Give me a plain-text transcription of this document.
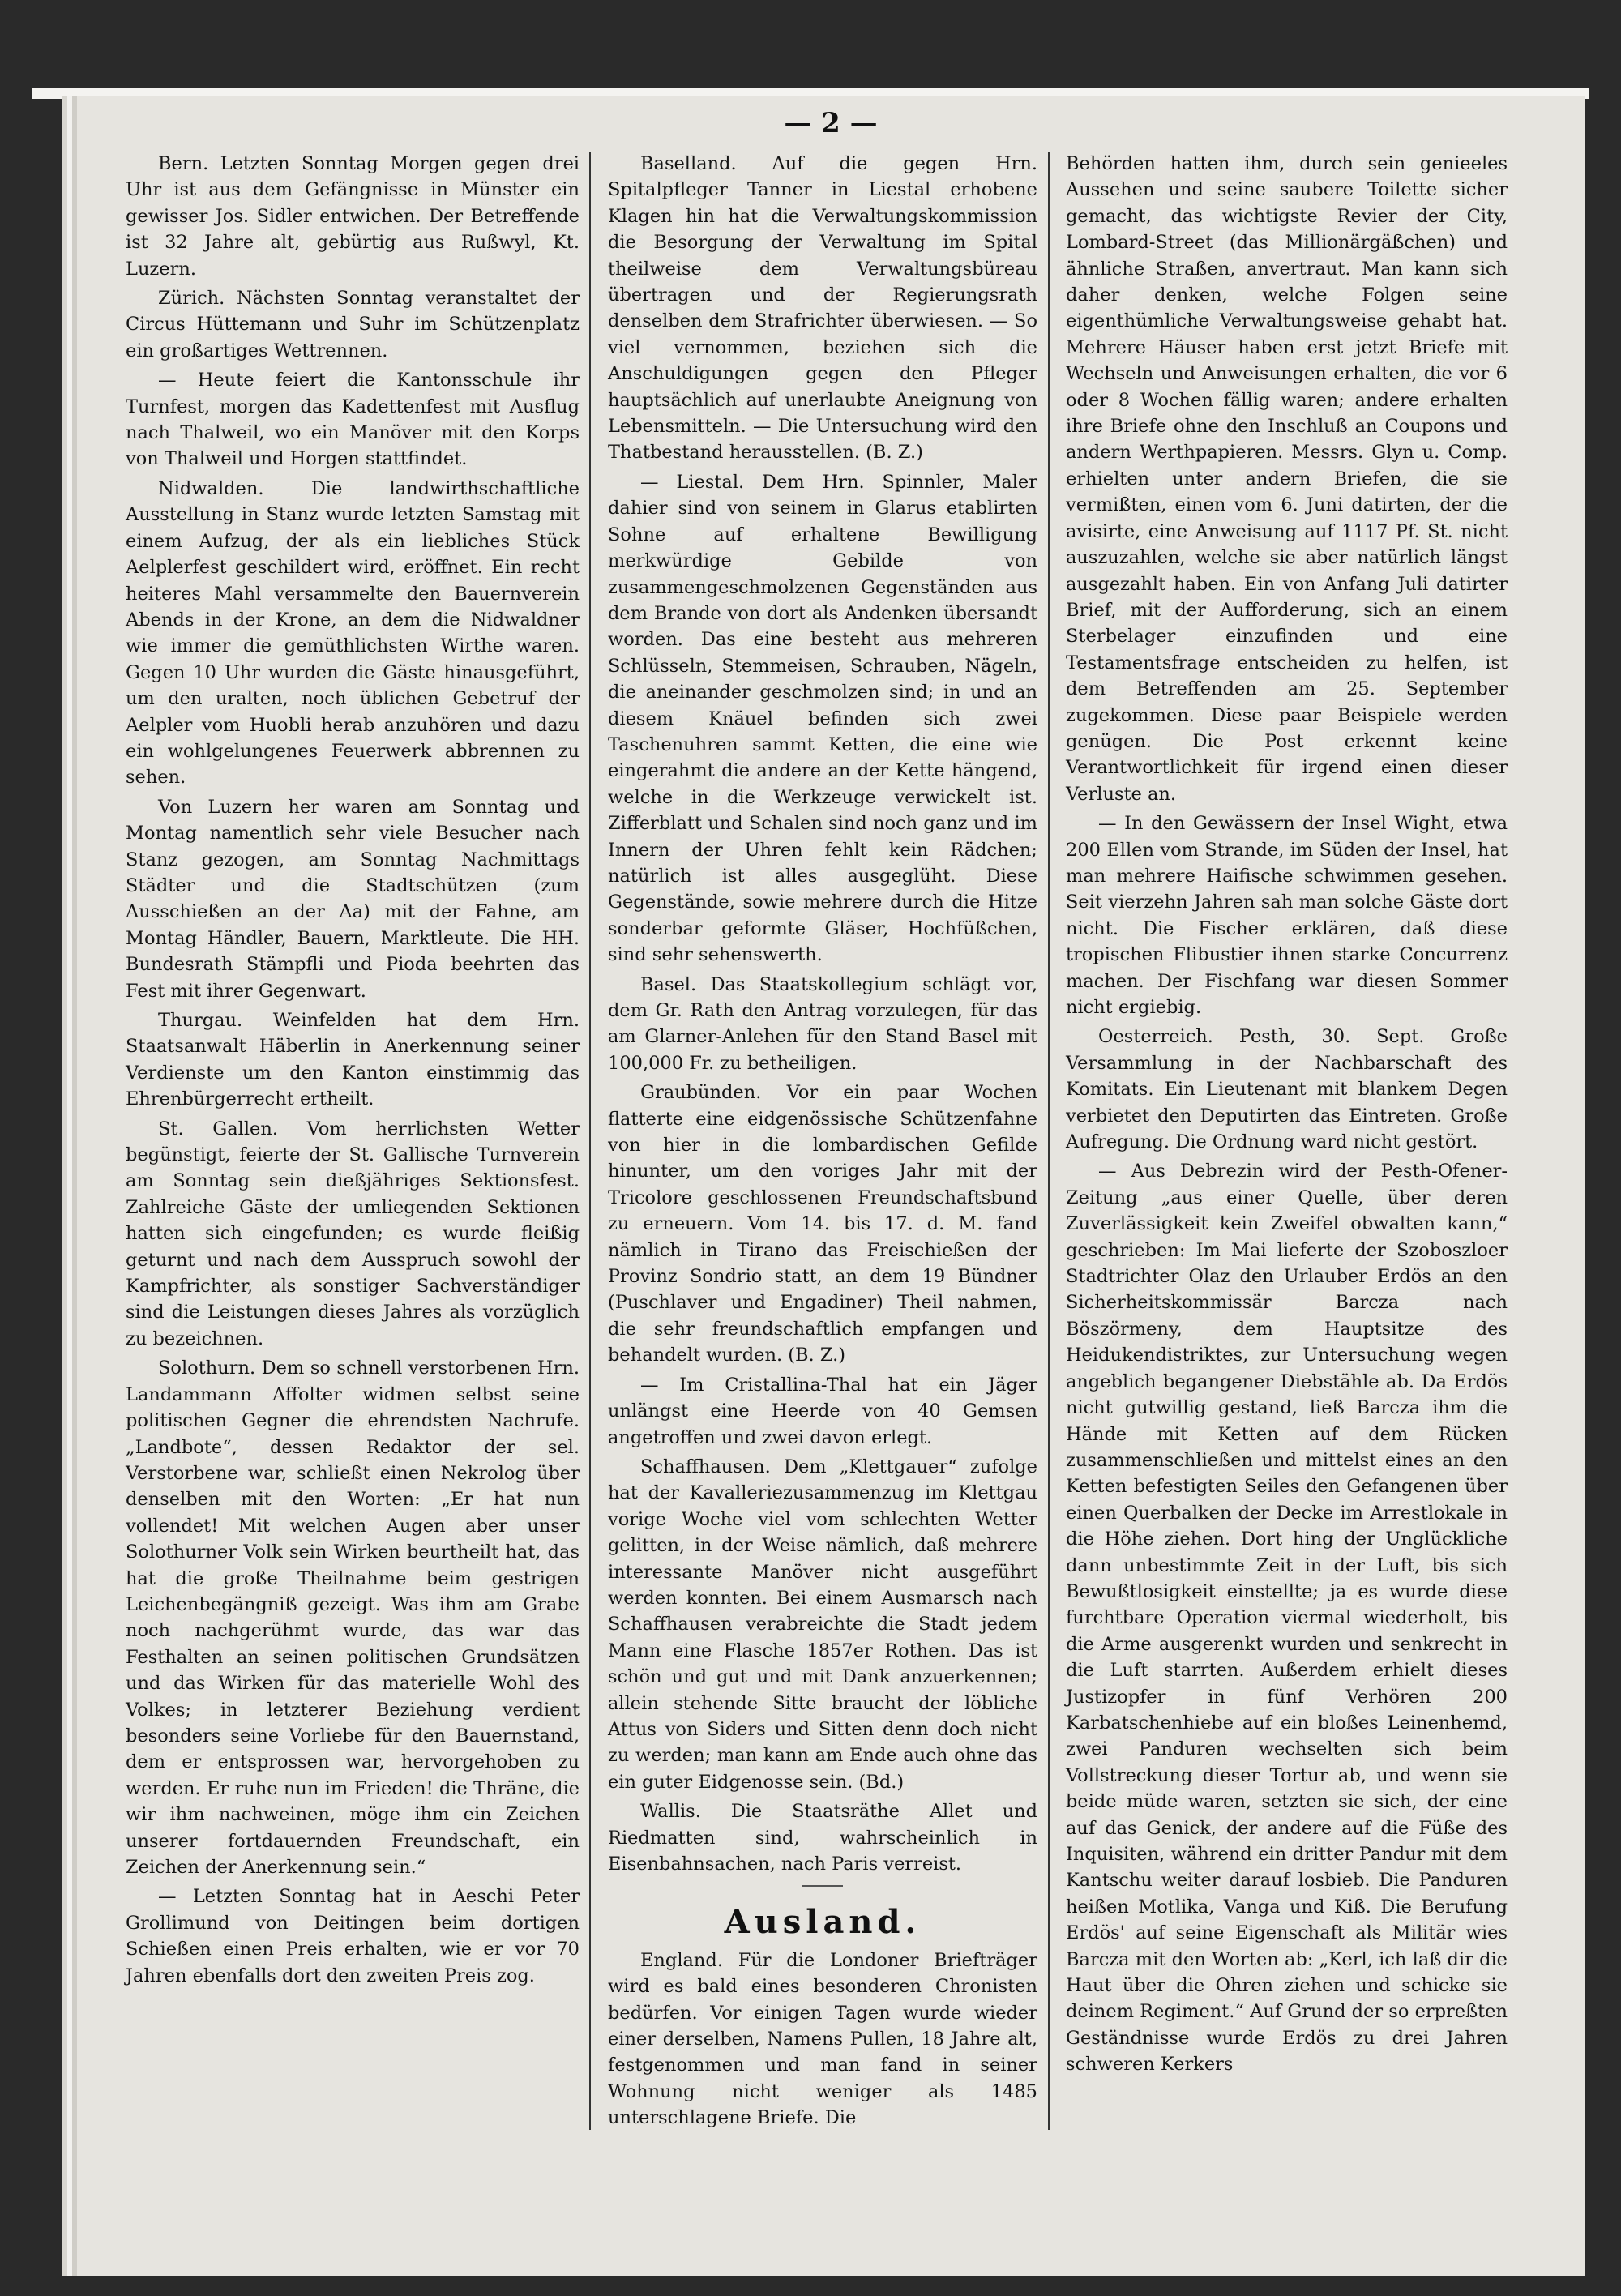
— 2 —

Bern. Letzten Sonntag Morgen gegen drei Uhr ist aus dem Gefängnisse in Münster ein gewisser Jos. Sidler entwichen. Der Betreffende ist 32 Jahre alt, gebürtig aus Rußwyl, Kt. Luzern.

Zürich. Nächsten Sonntag veranstaltet der Circus Hüttemann und Suhr im Schützenplatz ein großartiges Wettrennen.

— Heute feiert die Kantonsschule ihr Turnfest, morgen das Kadettenfest mit Ausflug nach Thalweil, wo ein Manöver mit den Korps von Thalweil und Horgen stattfindet.

Nidwalden. Die landwirthschaftliche Ausstellung in Stanz wurde letzten Samstag mit einem Aufzug, der als ein liebliches Stück Aelplerfest geschildert wird, eröffnet. Ein recht heiteres Mahl versammelte den Bauernverein Abends in der Krone, an dem die Nidwaldner wie immer die gemüthlichsten Wirthe waren. Gegen 10 Uhr wurden die Gäste hinausgeführt, um den uralten, noch üblichen Gebetruf der Aelpler vom Huobli herab anzuhören und dazu ein wohlgelungenes Feuerwerk abbrennen zu sehen.

Von Luzern her waren am Sonntag und Montag namentlich sehr viele Besucher nach Stanz gezogen, am Sonntag Nachmittags Städter und die Stadtschützen (zum Ausschießen an der Aa) mit der Fahne, am Montag Händler, Bauern, Marktleute. Die HH. Bundesrath Stämpfli und Pioda beehrten das Fest mit ihrer Gegenwart.

Thurgau. Weinfelden hat dem Hrn. Staatsanwalt Häberlin in Anerkennung seiner Verdienste um den Kanton einstimmig das Ehrenbürgerrecht ertheilt.

St. Gallen. Vom herrlichsten Wetter begünstigt, feierte der St. Gallische Turnverein am Sonntag sein dießjähriges Sektionsfest. Zahlreiche Gäste der umliegenden Sektionen hatten sich eingefunden; es wurde fleißig geturnt und nach dem Ausspruch sowohl der Kampfrichter, als sonstiger Sachverständiger sind die Leistungen dieses Jahres als vorzüglich zu bezeichnen.

Solothurn. Dem so schnell verstorbenen Hrn. Landammann Affolter widmen selbst seine politischen Gegner die ehrendsten Nachrufe. „Landbote“, dessen Redaktor der sel. Verstorbene war, schließt einen Nekrolog über denselben mit den Worten: „Er hat nun vollendet! Mit welchen Augen aber unser Solothurner Volk sein Wirken beurtheilt hat, das hat die große Theilnahme beim gestrigen Leichenbegängniß gezeigt. Was ihm am Grabe noch nachgerühmt wurde, das war das Festhalten an seinen politischen Grundsätzen und das Wirken für das materielle Wohl des Volkes; in letzterer Beziehung verdient besonders seine Vorliebe für den Bauernstand, dem er entsprossen war, hervorgehoben zu werden. Er ruhe nun im Frieden! die Thräne, die wir ihm nachweinen, möge ihm ein Zeichen unserer fortdauernden Freundschaft, ein Zeichen der Anerkennung sein.“

— Letzten Sonntag hat in Aeschi Peter Grollimund von Deitingen beim dortigen Schießen einen Preis erhalten, wie er vor 70 Jahren ebenfalls dort den zweiten Preis zog.

Baselland. Auf die gegen Hrn. Spitalpfleger Tanner in Liestal erhobene Klagen hin hat die Verwaltungskommission die Besorgung der Verwaltung im Spital theilweise dem Verwaltungsbüreau übertragen und der Regierungsrath denselben dem Strafrichter überwiesen. — So viel vernommen, beziehen sich die Anschuldigungen gegen den Pfleger hauptsächlich auf unerlaubte Aneignung von Lebensmitteln. — Die Untersuchung wird den Thatbestand herausstellen. (B. Z.)

— Liestal. Dem Hrn. Spinnler, Maler dahier sind von seinem in Glarus etablirten Sohne auf erhaltene Bewilligung merkwürdige Gebilde von zusammengeschmolzenen Gegenständen aus dem Brande von dort als Andenken übersandt worden. Das eine besteht aus mehreren Schlüsseln, Stemmeisen, Schrauben, Nägeln, die aneinander geschmolzen sind; in und an diesem Knäuel befinden sich zwei Taschenuhren sammt Ketten, die eine wie eingerahmt die andere an der Kette hängend, welche in die Werkzeuge verwickelt ist. Zifferblatt und Schalen sind noch ganz und im Innern der Uhren fehlt kein Rädchen; natürlich ist alles ausgeglüht. Diese Gegenstände, sowie mehrere durch die Hitze sonderbar geformte Gläser, Hochfüßchen, sind sehr sehenswerth.

Basel. Das Staatskollegium schlägt vor, dem Gr. Rath den Antrag vorzulegen, für das am Glarner-Anlehen für den Stand Basel mit 100,000 Fr. zu betheiligen.

Graubünden. Vor ein paar Wochen flatterte eine eidgenössische Schützenfahne von hier in die lombardischen Gefilde hinunter, um den voriges Jahr mit der Tricolore geschlossenen Freundschaftsbund zu erneuern. Vom 14. bis 17. d. M. fand nämlich in Tirano das Freischießen der Provinz Sondrio statt, an dem 19 Bündner (Puschlaver und Engadiner) Theil nahmen, die sehr freundschaftlich empfangen und behandelt wurden. (B. Z.)

— Im Cristallina-Thal hat ein Jäger unlängst eine Heerde von 40 Gemsen angetroffen und zwei davon erlegt.

Schaffhausen. Dem „Klettgauer“ zufolge hat der Kavalleriezusammenzug im Klettgau vorige Woche viel vom schlechten Wetter gelitten, in der Weise nämlich, daß mehrere interessante Manöver nicht ausgeführt werden konnten. Bei einem Ausmarsch nach Schaffhausen verabreichte die Stadt jedem Mann eine Flasche 1857er Rothen. Das ist schön und gut und mit Dank anzuerkennen; allein stehende Sitte braucht der löbliche Attus von Siders und Sitten denn doch nicht zu werden; man kann am Ende auch ohne das ein guter Eidgenosse sein. (Bd.)

Wallis. Die Staatsräthe Allet und Riedmatten sind, wahrscheinlich in Eisenbahnsachen, nach Paris verreist.

Ausland.

England. Für die Londoner Briefträger wird es bald eines besonderen Chronisten bedürfen. Vor einigen Tagen wurde wieder einer derselben, Namens Pullen, 18 Jahre alt, festgenommen und man fand in seiner Wohnung nicht weniger als 1485 unterschlagene Briefe. Die

Behörden hatten ihm, durch sein genieeles Aussehen und seine saubere Toilette sicher gemacht, das wichtigste Revier der City, Lombard-Street (das Millionärgäßchen) und ähnliche Straßen, anvertraut. Man kann sich daher denken, welche Folgen seine eigenthümliche Verwaltungsweise gehabt hat. Mehrere Häuser haben erst jetzt Briefe mit Wechseln und Anweisungen erhalten, die vor 6 oder 8 Wochen fällig waren; andere erhalten ihre Briefe ohne den Inschluß an Coupons und andern Werthpapieren. Messrs. Glyn u. Comp. erhielten unter andern Briefen, die sie vermißten, einen vom 6. Juni datirten, der die avisirte, eine Anweisung auf 1117 Pf. St. nicht auszuzahlen, welche sie aber natürlich längst ausgezahlt haben. Ein von Anfang Juli datirter Brief, mit der Aufforderung, sich an einem Sterbelager einzufinden und eine Testamentsfrage entscheiden zu helfen, ist dem Betreffenden am 25. September zugekommen. Diese paar Beispiele werden genügen. Die Post erkennt keine Verantwortlichkeit für irgend einen dieser Verluste an.

— In den Gewässern der Insel Wight, etwa 200 Ellen vom Strande, im Süden der Insel, hat man mehrere Haifische schwimmen gesehen. Seit vierzehn Jahren sah man solche Gäste dort nicht. Die Fischer erklären, daß diese tropischen Flibustier ihnen starke Concurrenz machen. Der Fischfang war diesen Sommer nicht ergiebig.

Oesterreich. Pesth, 30. Sept. Große Versammlung in der Nachbarschaft des Komitats. Ein Lieutenant mit blankem Degen verbietet den Deputirten das Eintreten. Große Aufregung. Die Ordnung ward nicht gestört.

— Aus Debrezin wird der Pesth-Ofener-Zeitung „aus einer Quelle, über deren Zuverlässigkeit kein Zweifel obwalten kann,“ geschrieben: Im Mai lieferte der Szoboszloer Stadtrichter Olaz den Urlauber Erdös an den Sicherheitskommissär Barcza nach Böszörmeny, dem Hauptsitze des Heidukendistriktes, zur Untersuchung wegen angeblich begangener Diebstähle ab. Da Erdös nicht gutwillig gestand, ließ Barcza ihm die Hände mit Ketten auf dem Rücken zusammenschließen und mittelst eines an den Ketten befestigten Seiles den Gefangenen über einen Querbalken der Decke im Arrestlokale in die Höhe ziehen. Dort hing der Unglückliche dann unbestimmte Zeit in der Luft, bis sich Bewußtlosigkeit einstellte; ja es wurde diese furchtbare Operation viermal wiederholt, bis die Arme ausgerenkt wurden und senkrecht in die Luft starrten. Außerdem erhielt dieses Justizopfer in fünf Verhören 200 Karbatschenhiebe auf ein bloßes Leinenhemd, zwei Panduren wechselten sich beim Vollstreckung dieser Tortur ab, und wenn sie beide müde waren, setzten sie sich, der eine auf das Genick, der andere auf die Füße des Inquisiten, während ein dritter Pandur mit dem Kantschu weiter darauf losbieb. Die Panduren heißen Motlika, Vanga und Kiß. Die Berufung Erdös' auf seine Eigenschaft als Militär wies Barcza mit den Worten ab: „Kerl, ich laß dir die Haut über die Ohren ziehen und schicke sie deinem Regiment.“ Auf Grund der so erpreßten Geständnisse wurde Erdös zu drei Jahren schweren Kerkers
